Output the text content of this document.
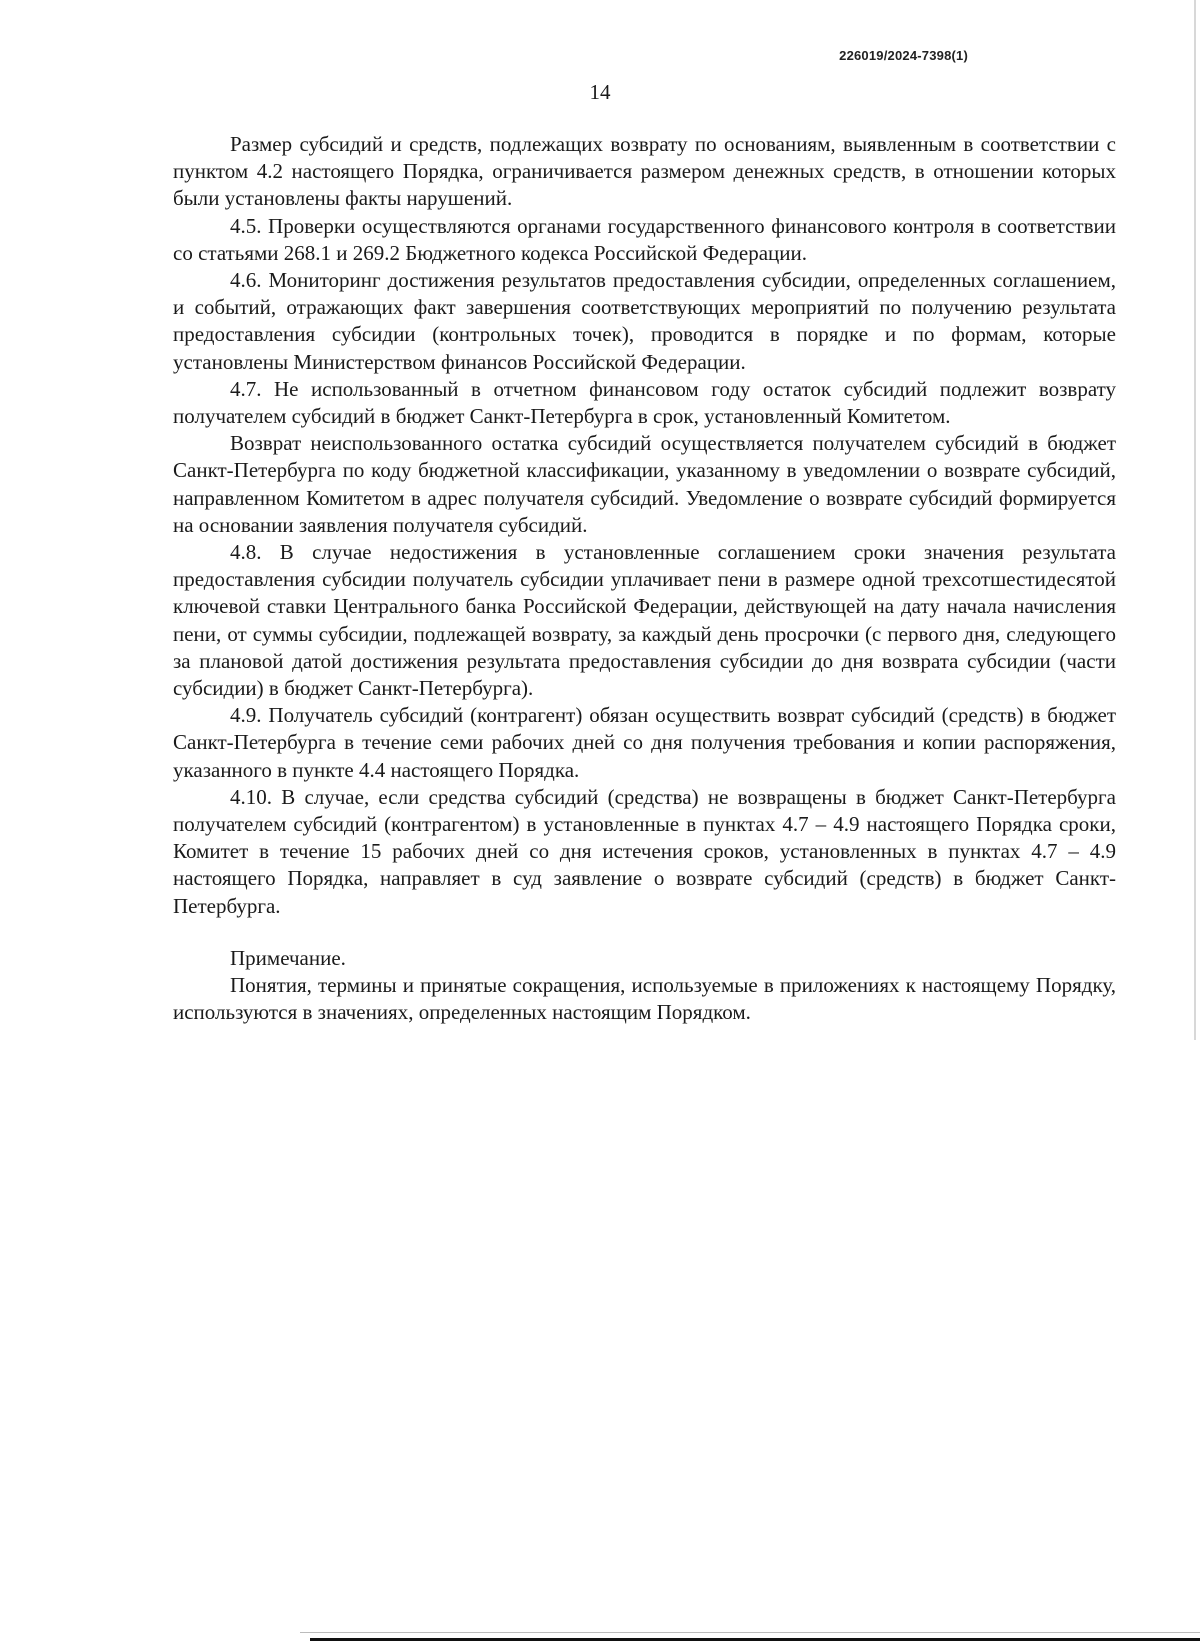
226019/2024-7398(1)
14

Размер субсидий и средств, подлежащих возврату по основаниям, выявленным в соответствии с пунктом 4.2 настоящего Порядка, ограничивается размером денежных средств, в отношении которых были установлены факты нарушений.

4.5. Проверки осуществляются органами государственного финансового контроля в соответствии со статьями 268.1 и 269.2 Бюджетного кодекса Российской Федерации.

4.6. Мониторинг достижения результатов предоставления субсидии, определенных соглашением, и событий, отражающих факт завершения соответствующих мероприятий по получению результата предоставления субсидии (контрольных точек), проводится в порядке и по формам, которые установлены Министерством финансов Российской Федерации.

4.7. Не использованный в отчетном финансовом году остаток субсидий подлежит возврату получателем субсидий в бюджет Санкт-Петербурга в срок, установленный Комитетом.

Возврат неиспользованного остатка субсидий осуществляется получателем субсидий в бюджет Санкт-Петербурга по коду бюджетной классификации, указанному в уведомлении о возврате субсидий, направленном Комитетом в адрес получателя субсидий. Уведомление о возврате субсидий формируется на основании заявления получателя субсидий.

4.8. В случае недостижения в установленные соглашением сроки значения результата предоставления субсидии получатель субсидии уплачивает пени в размере одной трехсотшестидесятой ключевой ставки Центрального банка Российской Федерации, действующей на дату начала начисления пени, от суммы субсидии, подлежащей возврату, за каждый день просрочки (с первого дня, следующего за плановой датой достижения результата предоставления субсидии до дня возврата субсидии (части субсидии) в бюджет Санкт-Петербурга).

4.9. Получатель субсидий (контрагент) обязан осуществить возврат субсидий (средств) в бюджет Санкт-Петербурга в течение семи рабочих дней со дня получения требования и копии распоряжения, указанного в пункте 4.4 настоящего Порядка.

4.10. В случае, если средства субсидий (средства) не возвращены в бюджет Санкт-Петербурга получателем субсидий (контрагентом) в установленные в пунктах 4.7 – 4.9 настоящего Порядка сроки, Комитет в течение 15 рабочих дней со дня истечения сроков, установленных в пунктах 4.7 – 4.9 настоящего Порядка, направляет в суд заявление о возврате субсидий (средств) в бюджет Санкт-Петербурга.

Примечание.

Понятия, термины и принятые сокращения, используемые в приложениях к настоящему Порядку, используются в значениях, определенных настоящим Порядком.
